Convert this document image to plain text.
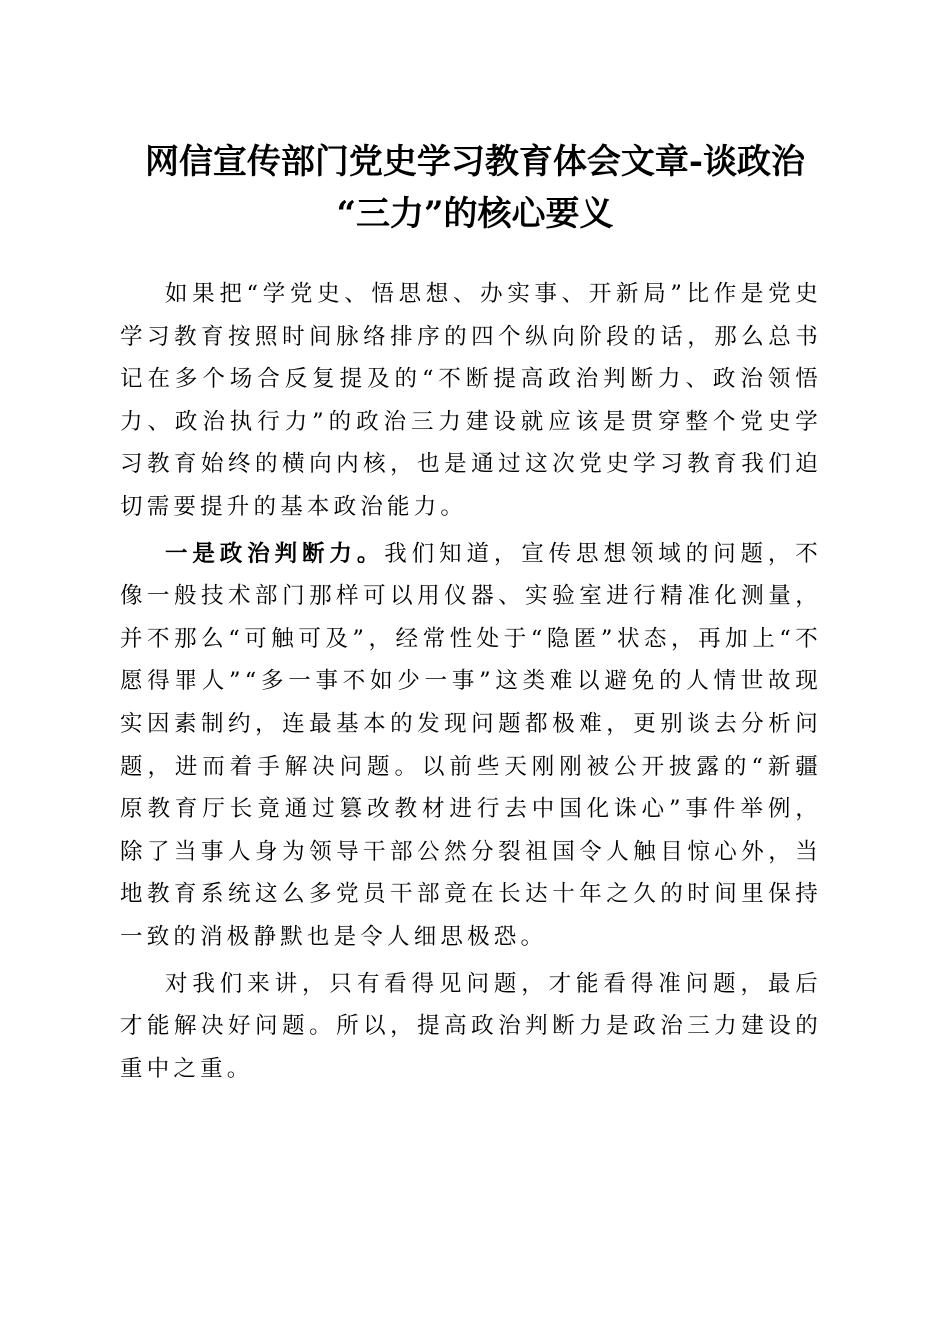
网信宣传部门党史学习教育体会文章-谈政治
“三力”的核心要义

如果把“学党史、悟思想、办实事、开新局”比作是党史学习教育按照时间脉络排序的四个纵向阶段的话，那么总书记在多个场合反复提及的“不断提高政治判断力、政治领悟力、政治执行力”的政治三力建设就应该是贯穿整个党史学习教育始终的横向内核，也是通过这次党史学习教育我们迫切需要提升的基本政治能力。

一是政治判断力。我们知道，宣传思想领域的问题，不像一般技术部门那样可以用仪器、实验室进行精准化测量，并不那么“可触可及”，经常性处于“隐匿”状态，再加上“不愿得罪人”“多一事不如少一事”这类难以避免的人情世故现实因素制约，连最基本的发现问题都极难，更别谈去分析问题，进而着手解决问题。以前些天刚刚被公开披露的“新疆原教育厅长竟通过篡改教材进行去中国化诛心”事件举例，除了当事人身为领导干部公然分裂祖国令人触目惊心外，当地教育系统这么多党员干部竟在长达十年之久的时间里保持一致的消极静默也是令人细思极恐。

对我们来讲，只有看得见问题，才能看得准问题，最后才能解决好问题。所以，提高政治判断力是政治三力建设的重中之重。
